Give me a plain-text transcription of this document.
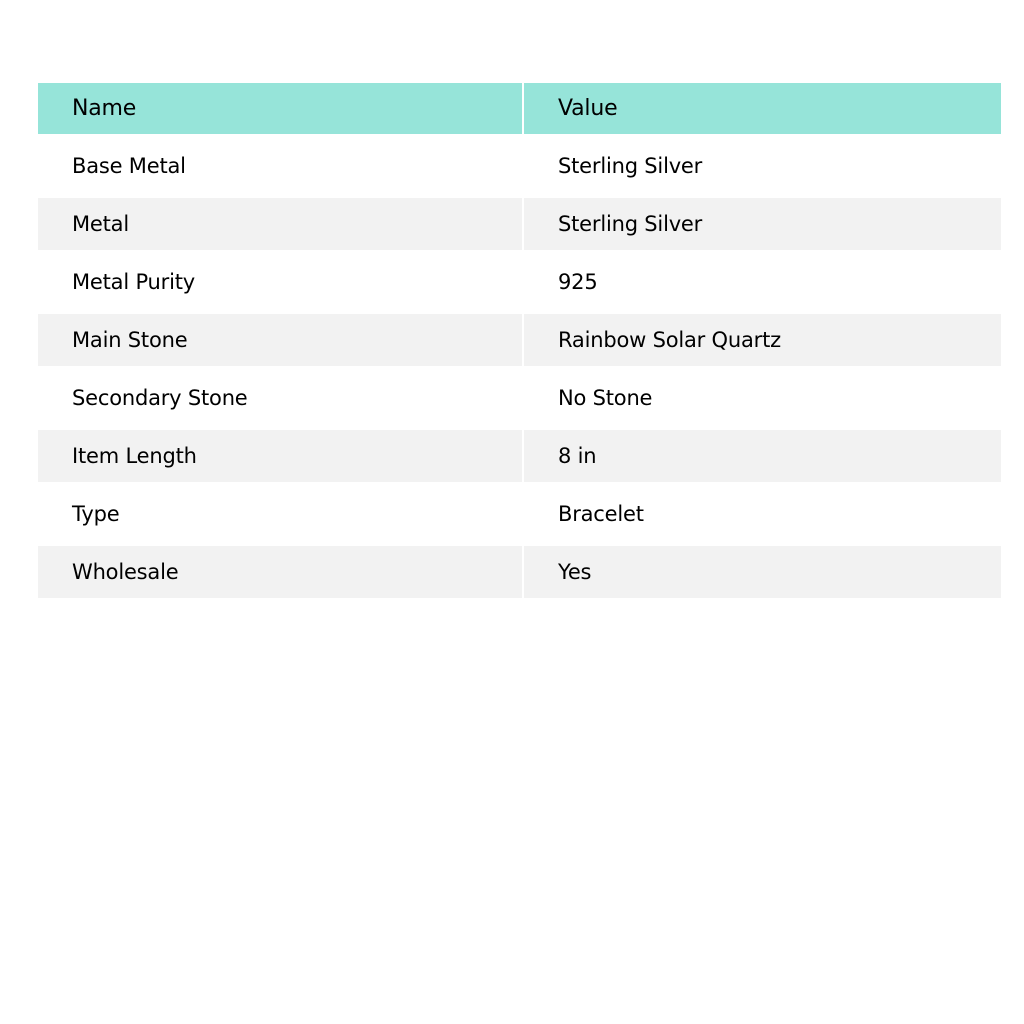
Name	Value

Base Metal	Sterling Silver

Metal	Sterling Silver

Metal Purity	925

Main Stone	Rainbow Solar Quartz

Secondary Stone	No Stone

Item Length	8 in

Type	Bracelet

Wholesale	Yes
